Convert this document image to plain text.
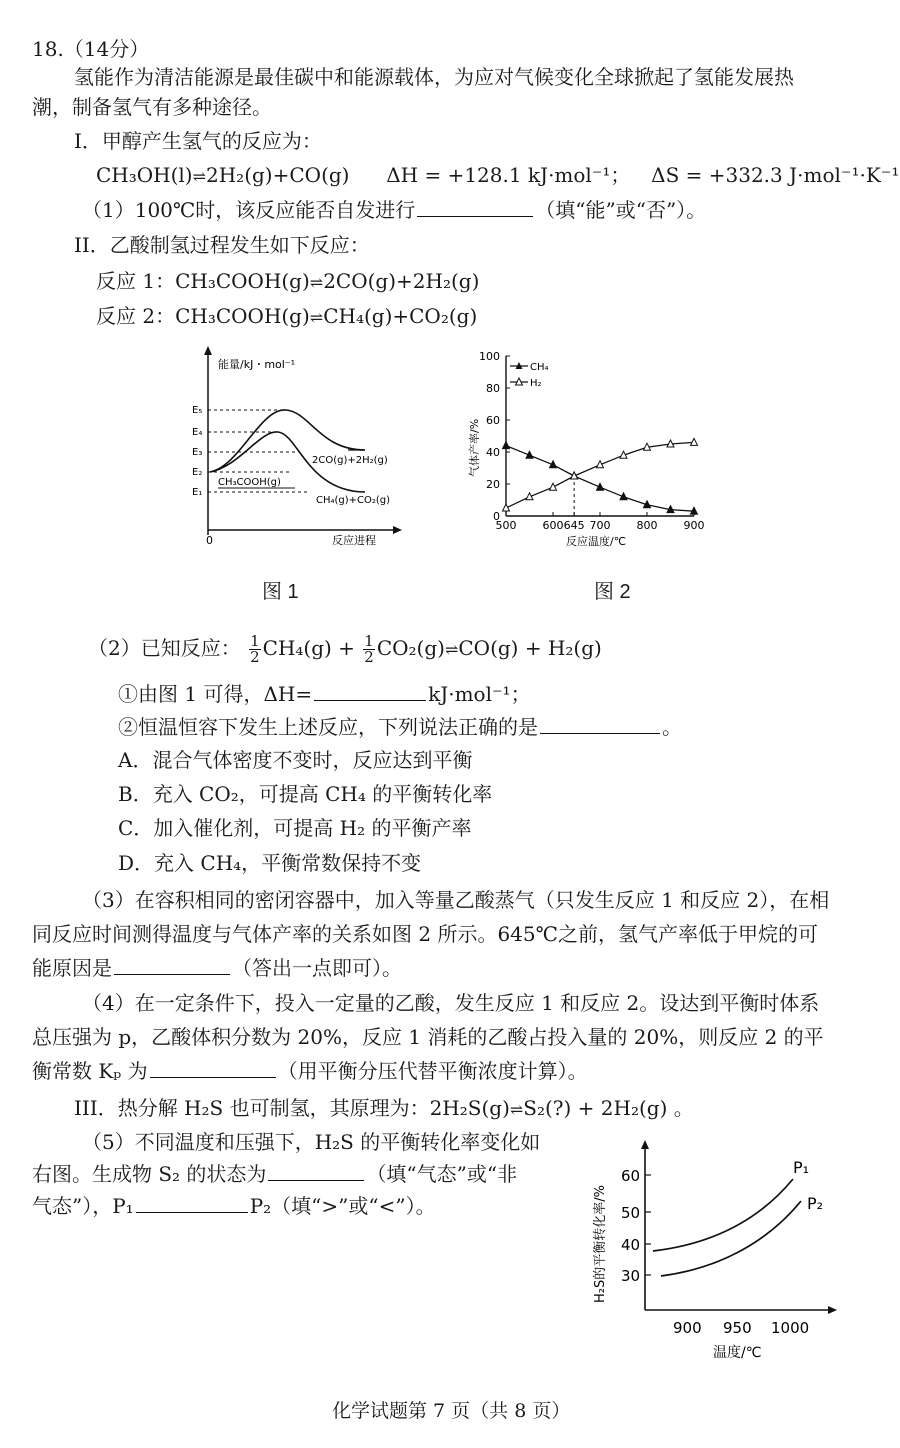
18.（14分）
氢能作为清洁能源是最佳碳中和能源载体，为应对气候变化全球掀起了氢能发展热
潮，制备氢气有多种途径。
I．甲醇产生氢气的反应为：
CH₃OH(l)⇌2H₂(g)+CO(g) ΔH = +128.1 kJ·mol⁻¹； ΔS = +332.3 J·mol⁻¹·K⁻¹
（1）100℃时，该反应能否自发进行	（填“能”或“否”）。
II．乙酸制氢过程发生如下反应：
反应 1：CH₃COOH(g)⇌2CO(g)+2H₂(g)
反应 2：CH₃COOH(g)⇌CH₄(g)+CO₂(g)
能量/kJ・mol⁻¹
0	反应进程
E₅
E₄
E₃
E₂
E₁
CH₃COOH(g)
2CO(g)+2H₂(g)
CH₄(g)+CO₂(g)
0
20
40
60
80
100
500 600 645 700 800 900
反应温度/℃
气体产率/%
CH₄
H₂
图 1	图 2
（2）已知反应： $\frac{1}{2} CH_4(g) + \frac{1}{2}$ CO₂(g)⇌CO(g) + H₂(g)
①由图 1 可得，ΔH=	kJ·mol⁻¹；
②恒温恒容下发生上述反应，下列说法正确的是	。
A．混合气体密度不变时，反应达到平衡
B．充入 CO₂，可提高 CH₄ 的平衡转化率
C．加入催化剂，可提高 H₂ 的平衡产率
D．充入 CH₄，平衡常数保持不变
（3）在容积相同的密闭容器中，加入等量乙酸蒸气（只发生反应 1 和反应 2），在相
同反应时间测得温度与气体产率的关系如图 2 所示。645℃之前，氢气产率低于甲烷的可
能原因是	（答出一点即可）。
（4）在一定条件下，投入一定量的乙酸，发生反应 1 和反应 2。设达到平衡时体系
总压强为 p，乙酸体积分数为 20%，反应 1 消耗的乙酸占投入量的 20%，则反应 2 的平
衡常数 Kₚ 为	（用平衡分压代替平衡浓度计算）。
III．热分解 H₂S 也可制氢，其原理为：2H₂S(g)⇌S₂(?) + 2H₂(g) 。
（5）不同温度和压强下，H₂S 的平衡转化率变化如
右图。生成物 S₂ 的状态为	（填“气态”或“非
气态”），P₁	P₂（填“>”或“<”）。
60
50
40
30
900 950 1000
温度/℃
H₂S的平衡转化率/%
P₁
P₂
化学试题第 7 页（共 8 页）
